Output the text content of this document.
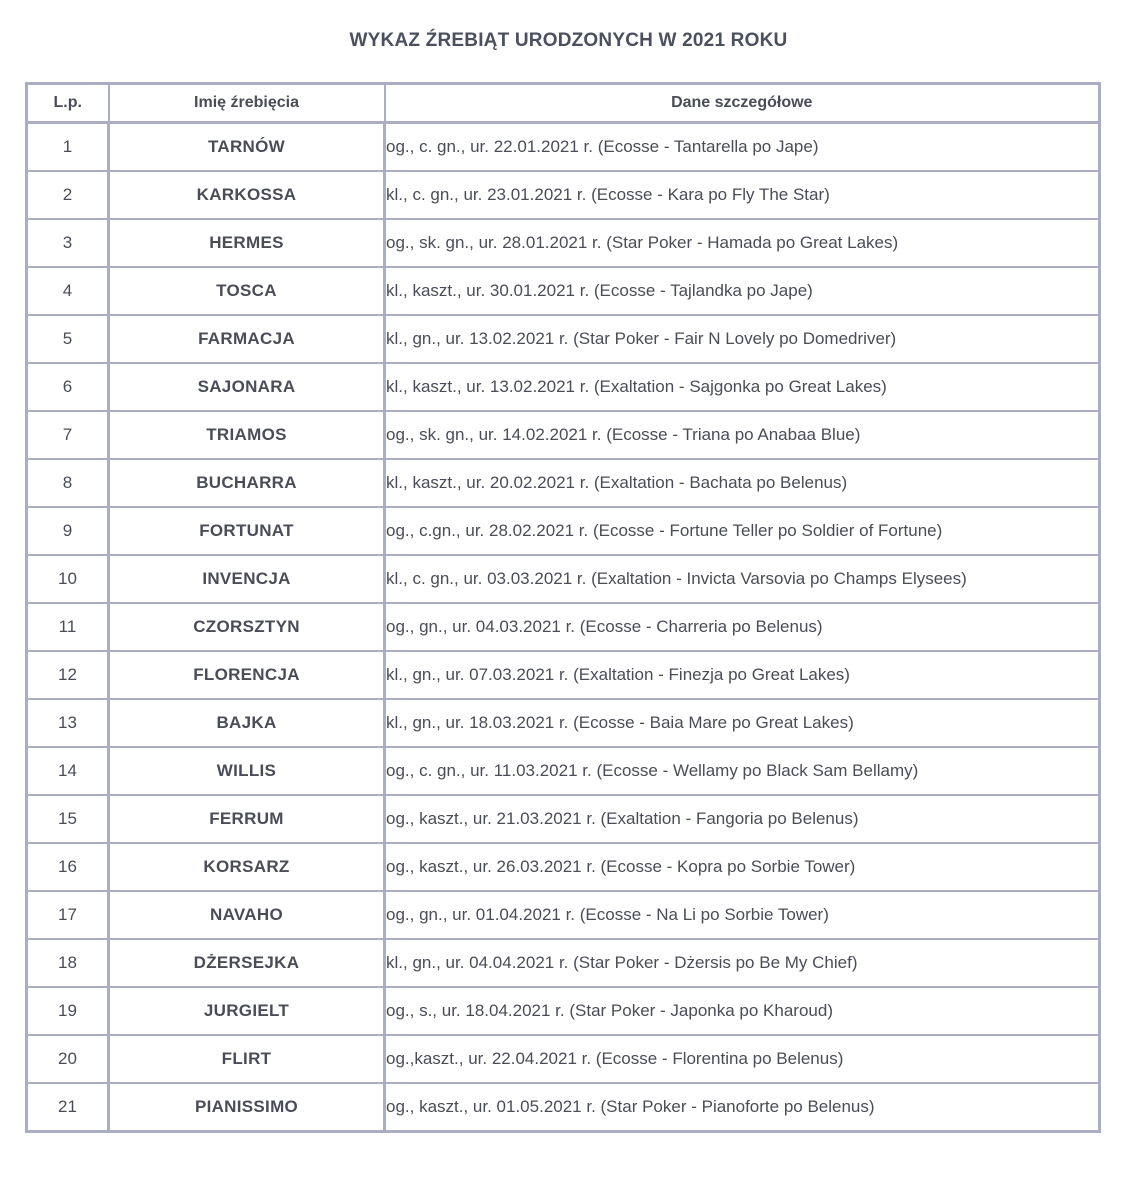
WYKAZ ŹREBIĄT URODZONYCH W 2021 ROKU
L.p.	Imię źrebięcia	Dane szczegółowe
1	TARNÓW	og., c. gn., ur. 22.01.2021 r. (Ecosse - Tantarella po Jape)
2	KARKOSSA	kl., c. gn., ur. 23.01.2021 r. (Ecosse - Kara po Fly The Star)
3	HERMES	og., sk. gn., ur. 28.01.2021 r. (Star Poker - Hamada po Great Lakes)
4	TOSCA	kl., kaszt., ur. 30.01.2021 r. (Ecosse - Tajlandka po Jape)
5	FARMACJA	kl., gn., ur. 13.02.2021 r. (Star Poker - Fair N Lovely po Domedriver)
6	SAJONARA	kl., kaszt., ur. 13.02.2021 r. (Exaltation - Sajgonka po Great Lakes)
7	TRIAMOS	og., sk. gn., ur. 14.02.2021 r. (Ecosse - Triana po Anabaa Blue)
8	BUCHARRA	kl., kaszt., ur. 20.02.2021 r. (Exaltation - Bachata po Belenus)
9	FORTUNAT	og., c.gn., ur. 28.02.2021 r. (Ecosse - Fortune Teller po Soldier of Fortune)
10	INVENCJA	kl., c. gn., ur. 03.03.2021 r. (Exaltation - Invicta Varsovia po Champs Elysees)
11	CZORSZTYN	og., gn., ur. 04.03.2021 r. (Ecosse - Charreria po Belenus)
12	FLORENCJA	kl., gn., ur. 07.03.2021 r. (Exaltation - Finezja po Great Lakes)
13	BAJKA	kl., gn., ur. 18.03.2021 r. (Ecosse - Baia Mare po Great Lakes)
14	WILLIS	og., c. gn., ur. 11.03.2021 r. (Ecosse - Wellamy po Black Sam Bellamy)
15	FERRUM	og., kaszt., ur. 21.03.2021 r. (Exaltation - Fangoria po Belenus)
16	KORSARZ	og., kaszt., ur. 26.03.2021 r. (Ecosse - Kopra po Sorbie Tower)
17	NAVAHO	og., gn., ur. 01.04.2021 r. (Ecosse - Na Li po Sorbie Tower)
18	DŻERSEJKA	kl., gn., ur. 04.04.2021 r. (Star Poker - Dżersis po Be My Chief)
19	JURGIELT	og., s., ur. 18.04.2021 r. (Star Poker - Japonka po Kharoud)
20	FLIRT	og.,kaszt., ur. 22.04.2021 r. (Ecosse - Florentina po Belenus)
21	PIANISSIMO	og., kaszt., ur. 01.05.2021 r. (Star Poker - Pianoforte po Belenus)
